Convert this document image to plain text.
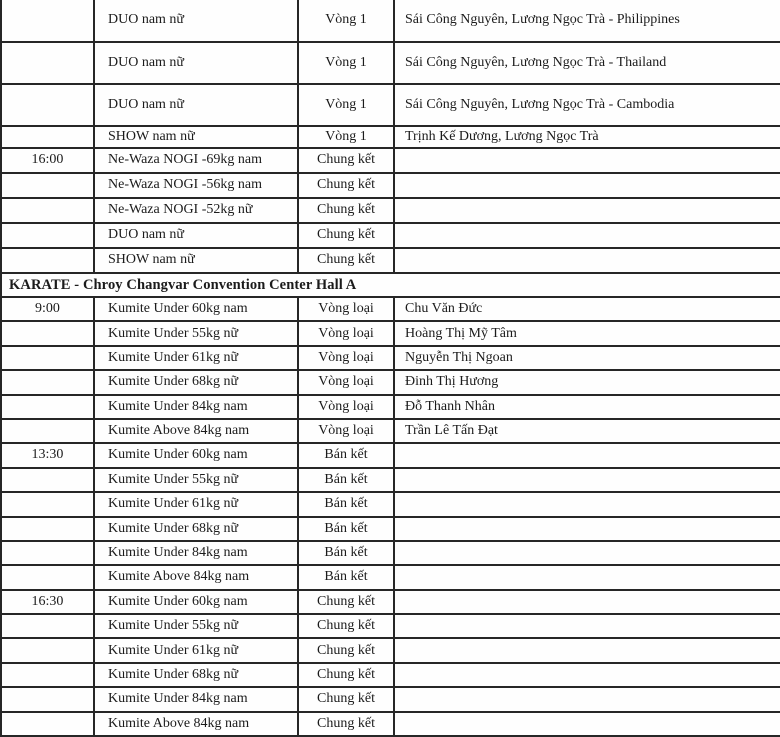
	DUO nam nữ	Vòng 1	Sái Công Nguyên, Lương Ngọc Trà - Philippines
	DUO nam nữ	Vòng 1	Sái Công Nguyên, Lương Ngọc Trà - Thailand
	DUO nam nữ	Vòng 1	Sái Công Nguyên, Lương Ngọc Trà - Cambodia
	SHOW nam nữ	Vòng 1	Trịnh Kế Dương, Lương Ngọc Trà
16:00	Ne-Waza NOGI -69kg nam	Chung kết	
	Ne-Waza NOGI -56kg nam	Chung kết	
	Ne-Waza NOGI -52kg nữ	Chung kết	
	DUO nam nữ	Chung kết	
	SHOW nam nữ	Chung kết	
KARATE - Chroy Changvar Convention Center Hall A			
9:00	Kumite Under 60kg nam	Vòng loại	Chu Văn Đức
	Kumite Under 55kg nữ	Vòng loại	Hoàng Thị Mỹ Tâm
	Kumite Under 61kg nữ	Vòng loại	Nguyễn Thị Ngoan
	Kumite Under 68kg nữ	Vòng loại	Đinh Thị Hương
	Kumite Under 84kg nam	Vòng loại	Đỗ Thanh Nhân
	Kumite Above 84kg nam	Vòng loại	Trần Lê Tấn Đạt
13:30	Kumite Under 60kg nam	Bán kết	
	Kumite Under 55kg nữ	Bán kết	
	Kumite Under 61kg nữ	Bán kết	
	Kumite Under 68kg nữ	Bán kết	
	Kumite Under 84kg nam	Bán kết	
	Kumite Above 84kg nam	Bán kết	
16:30	Kumite Under 60kg nam	Chung kết	
	Kumite Under 55kg nữ	Chung kết	
	Kumite Under 61kg nữ	Chung kết	
	Kumite Under 68kg nữ	Chung kết	
	Kumite Under 84kg nam	Chung kết	
	Kumite Above 84kg nam	Chung kết	
